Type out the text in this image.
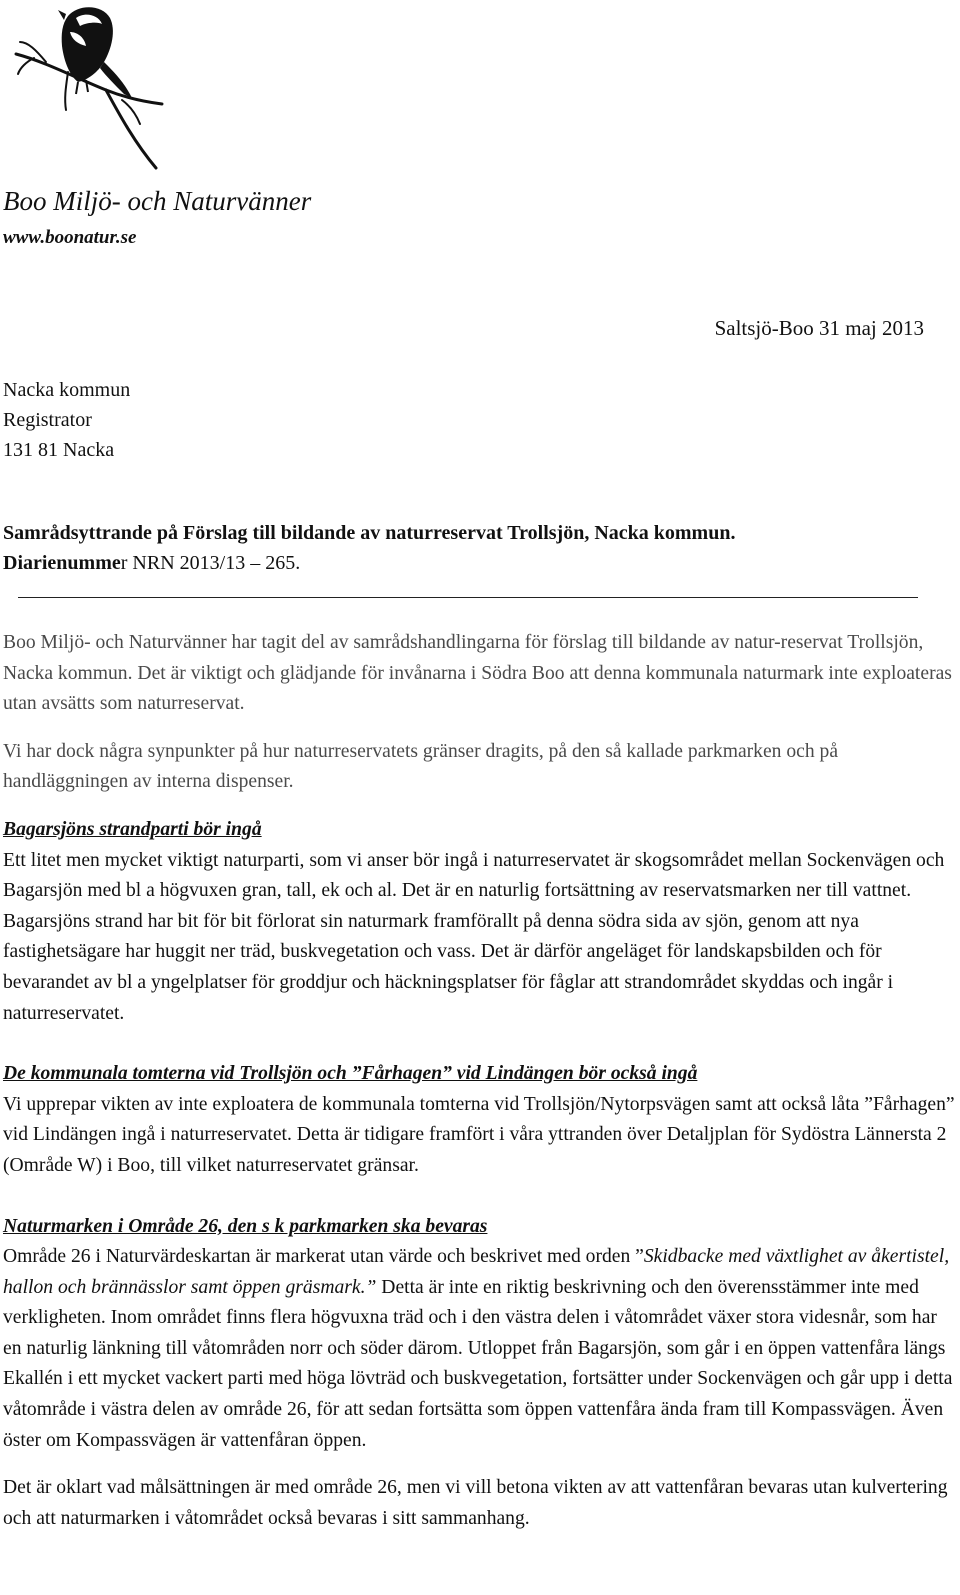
Boo Miljö- och Naturvänner
www.boonatur.se
Saltsjö-Boo 31 maj 2013
Nacka kommun
Registrator
131 81 Nacka
Samrådsyttrande på Förslag till bildande av naturreservat Trollsjön, Nacka kommun.
Diarienummer NRN 2013/13 – 265.

Boo Miljö- och Naturvänner har tagit del av samrådshandlingarna för förslag till bildande av natur-reservat Trollsjön, Nacka kommun. Det är viktigt och glädjande för invånarna i Södra Boo att denna kommunala naturmark inte exploateras utan avsätts som naturreservat.

Vi har dock några synpunkter på hur naturreservatets gränser dragits, på den så kallade parkmarken och på handläggningen av interna dispenser.

Bagarsjöns strandparti bör ingå

Ett litet men mycket viktigt naturparti, som vi anser bör ingå i naturreservatet är skogsområdet mellan Sockenvägen och Bagarsjön med bl a högvuxen gran, tall, ek och al. Det är en naturlig fortsättning av reservatsmarken ner till vattnet. Bagarsjöns strand har bit för bit förlorat sin naturmark framförallt på denna södra sida av sjön, genom att nya fastighetsägare har huggit ner träd, buskvegetation och vass. Det är därför angeläget för landskapsbilden och för bevarandet av bl a yngelplatser för groddjur och häckningsplatser för fåglar att strandområdet skyddas och ingår i naturreservatet.

De kommunala tomterna vid Trollsjön och ”Fårhagen” vid Lindängen bör också ingå

Vi upprepar vikten av inte exploatera de kommunala tomterna vid Trollsjön/Nytorpsvägen samt att också låta ”Fårhagen” vid Lindängen ingå i naturreservatet. Detta är tidigare framfört i våra yttranden över Detaljplan för Sydöstra Lännersta 2 (Område W) i Boo, till vilket naturreservatet gränsar.

Naturmarken i Område 26, den s k parkmarken ska bevaras

Område 26 i Naturvärdeskartan är markerat utan värde och beskrivet med orden ”Skidbacke med växtlighet av åkertistel, hallon och brännässlor samt öppen gräsmark.” Detta är inte en riktig beskrivning och den överensstämmer inte med verkligheten. Inom området finns flera högvuxna träd och i den västra delen i våtområdet växer stora videsnår, som har en naturlig länkning till våtområden norr och söder därom. Utloppet från Bagarsjön, som går i en öppen vattenfåra längs Ekallén i ett mycket vackert parti med höga lövträd och buskvegetation, fortsätter under Sockenvägen och går upp i detta våtområde i västra delen av område 26, för att sedan fortsätta som öppen vattenfåra ända fram till Kompassvägen. Även öster om Kompassvägen är vattenfåran öppen.

Det är oklart vad målsättningen är med område 26, men vi vill betona vikten av att vattenfåran bevaras utan kulvertering och att naturmarken i våtområdet också bevaras i sitt sammanhang.
